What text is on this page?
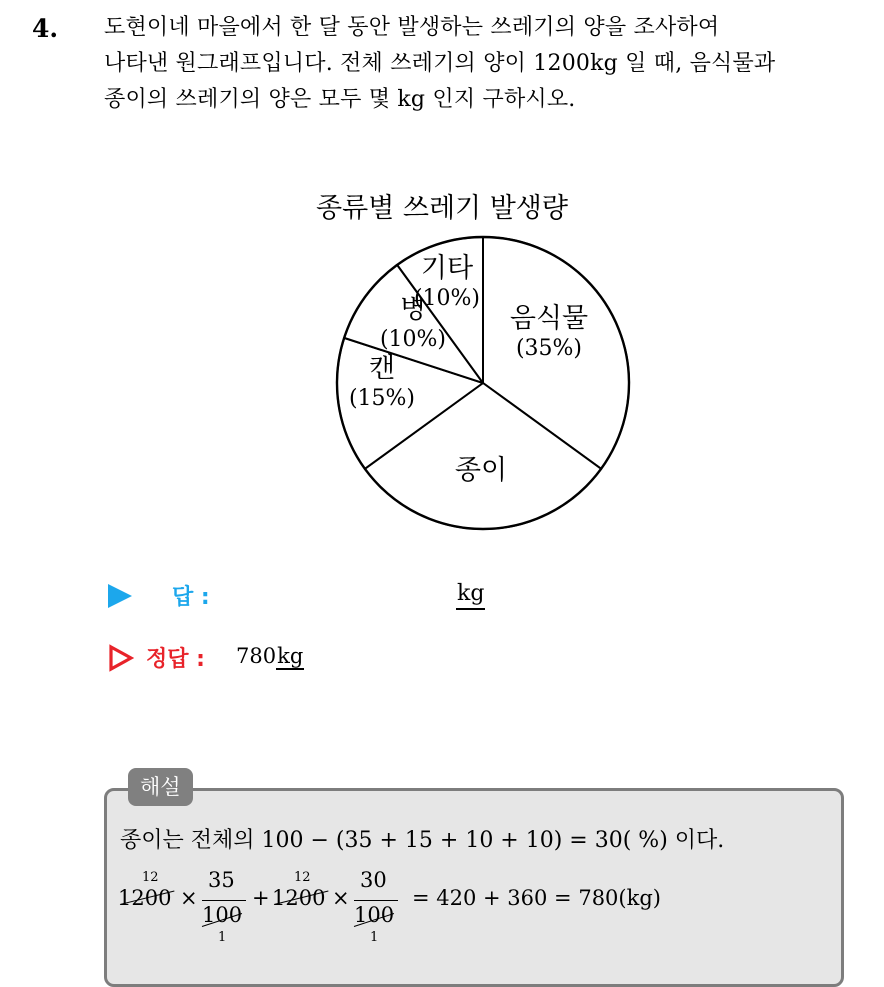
4. 도현이네 마을에서 한 달 동안 발생하는 쓰레기의 양을 조사하여
나타낸 원그래프입니다. 전체 쓰레기의 양이 1200kg 일 때, 음식물과
종이의 쓰레기의 양은 모두 몇 kg 인지 구하시오.
종류별 쓰레기 발생량
음식물
(35%)
종이
캔
(15%)
병
(10%)
기타
(10%)
답 :	kg
정답 : 780kg
해설
종이는 전체의 100 − (35 + 15 + 10 + 10) = 30( %) 이다.
12
1200 ×
35
100
1
+
12
1200 ×
30
100
1
= 420 + 360 = 780(kg)
